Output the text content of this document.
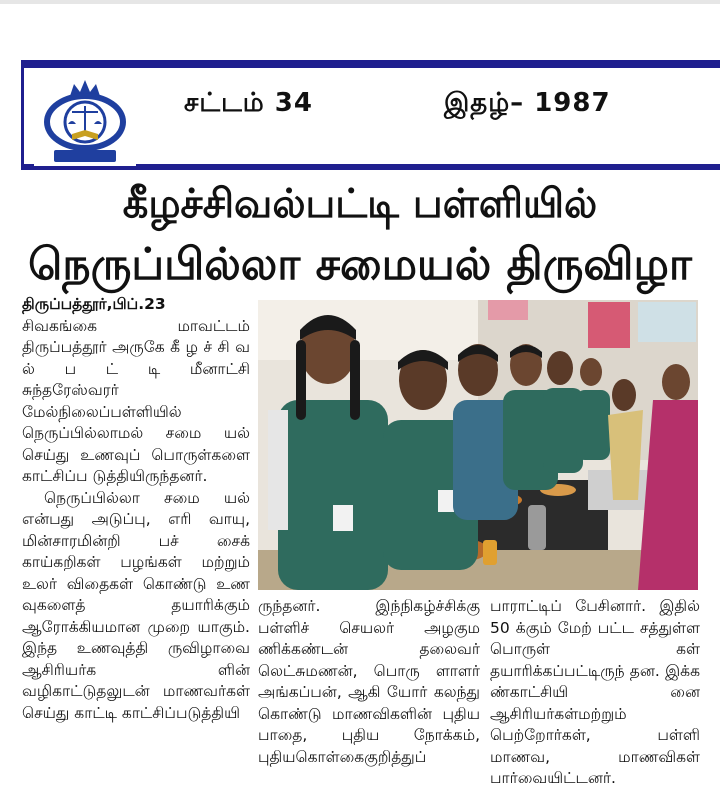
சட்டம் 34	இதழ்– 1987
கீழச்சிவல்பட்டி பள்ளியில்
நெருப்பில்லா சமையல் திருவிழா

திருப்பத்தூர்,பிப்.23

சிவகங்கை மாவட்டம் திருப்பத்தூர் அருகே கீ ழ ச் சி வ ல் ப ட் டி மீனாட்சி சுந்தரேஸ்வரர் மேல்நிலைப்பள்ளியில் நெருப்பில்லாமல் சமை யல் செய்து உணவுப் பொருள்களை காட்சிப்ப டுத்தியிருந்தனர்.

நெருப்பில்லா சமை யல் என்பது அடுப்பு, எரி வாயு, மின்சாரமின்றி பச் சைக் காய்கறிகள் பழங்கள் மற்றும் உலர் விதைகள் கொண்டு உண வுகளைத் தயாரிக்கும் ஆரோக்கியமான முறை யாகும். இந்த உணவுத்தி ருவிழாவை ஆசிரியர்க ளின் வழிகாட்டுதலுடன் மாணவர்கள் செய்து காட்டி காட்சிப்படுத்தியி

ருந்தனர். இந்நிகழ்ச்சிக்கு பள்ளிச் செயலர் அழகும ணிக்கண்டன் தலைவர் லெட்சுமணன், பொரு ளாளர் அங்கப்பன், ஆகி யோர் கலந்து கொண்டு மாணவிகளின் புதிய பாதை, புதிய நோக்கம், புதியகொள்கைகுறித்துப்
பாராட்டிப் பேசினார். இதில் 50 க்கும் மேற் பட்ட சத்துள்ள பொருள் கள் தயாரிக்கப்பட்டிருந் தன. இக்க ண்காட்சியி னை ஆசிரியர்கள்மற்றும் பெற்றோர்கள், பள்ளி மாணவ, மாணவிகள் பார்வையிட்டனர்.
